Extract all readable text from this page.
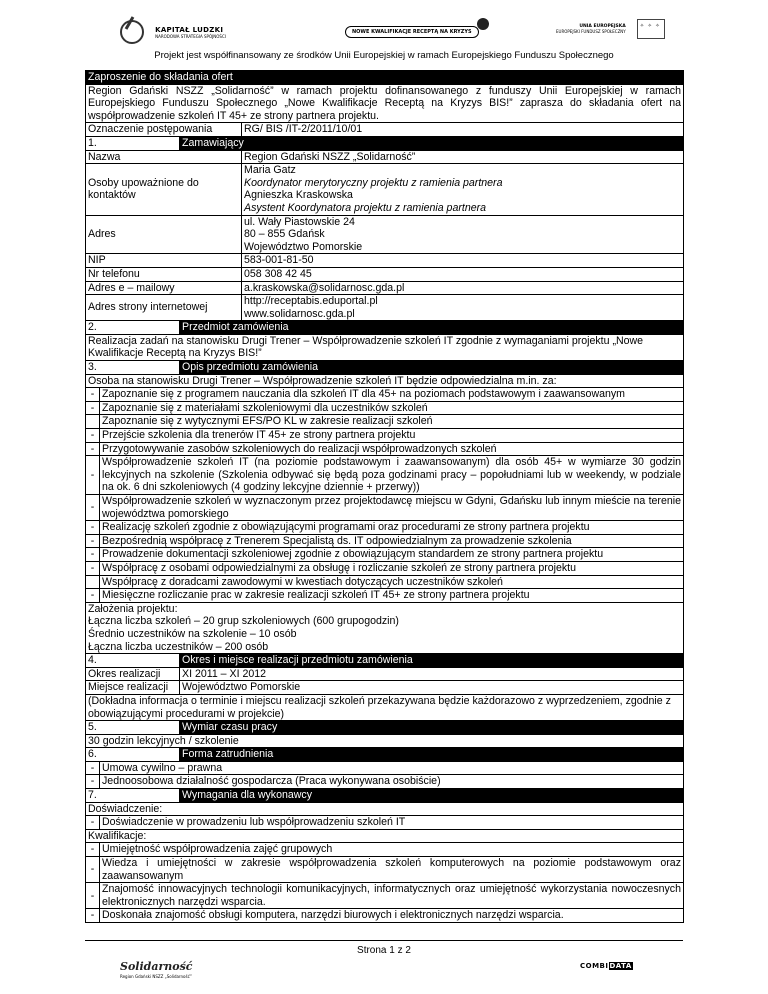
KAPITAŁ LUDZKI
NARODOWA STRATEGIA SPÓJNOŚCI
NOWE KWALIFIKACJE RECEPTĄ NA KRYZYS
UNIA EUROPEJSKA
EUROPEJSKI FUNDUSZ SPOŁECZNY ✧ ✧ ✧
Projekt jest współfinansowany ze środków Unii Europejskiej w ramach Europejskiego Funduszu Społecznego
Zaproszenie do składania ofert			
Region Gdański NSZZ „Solidarność” w ramach projektu dofinansowanego z funduszy Unii Europejskiej w ramach Europejskiego Funduszu Społecznego „Nowe Kwalifikacje Receptą na Kryzys BIS!” zaprasza do składania ofert na współprowadzenie szkoleń IT 45+ ze strony partnera projektu.			
Oznaczenie postępowania			RG/ BIS /IT-2/2011/10/01
1.		Zamawiający	
Nazwa			Region Gdański NSZZ „Solidarność”
Osoby upoważnione do kontaktów			Maria Gatz
Koordynator merytoryczny projektu z ramienia partnera
Agnieszka Kraskowska
Asystent Koordynatora projektu z ramienia partnera

Adres			ul. Wały Piastowskie 24
80 – 855 Gdańsk
Województwo Pomorskie

NIP			583-001-81-50
Nr telefonu			058 308 42 45
Adres e – mailowy			a.kraskowska@solidarnosc.gda.pl
Adres strony internetowej			http://receptabis.eduportal.pl
www.solidarnosc.gda.pl

2.		Przedmiot zamówienia	
Realizacja zadań na stanowisku Drugi Trener – Współprowadzenie szkoleń IT zgodnie z wymaganiami projektu „Nowe Kwalifikacje Receptą na Kryzys BIS!”			
3.		Opis przedmiotu zamówienia	
Osoba na stanowisku Drugi Trener – Współprowadzenie szkoleń IT będzie odpowiedzialna m.in. za:			
-	Zapoznanie się z programem nauczania dla szkoleń IT dla 45+ na poziomach podstawowym i zaawansowanym		
-	Zapoznanie się z materiałami szkoleniowymi dla uczestników szkoleń		
	Zapoznanie się z wytycznymi EFS/PO KL w zakresie realizacji szkoleń		
-	Przejście szkolenia dla trenerów IT 45+ ze strony partnera projektu		
-	Przygotowywanie zasobów szkoleniowych do realizacji współprowadzonych szkoleń		
-	Współprowadzenie szkoleń IT (na poziomie podstawowym i zaawansowanym) dla osób 45+ w wymiarze 30 godzin lekcyjnych na szkolenie (Szkolenia odbywać się będą poza godzinami pracy – popołudniami lub w weekendy, w podziale na ok. 6 dni szkoleniowych (4 godziny lekcyjne dziennie + przerwy))		
-	Współprowadzenie szkoleń w wyznaczonym przez projektodawcę miejscu w Gdyni, Gdańsku lub innym mieście na terenie województwa pomorskiego		
-	Realizację szkoleń zgodnie z obowiązującymi programami oraz procedurami ze strony partnera projektu		
-	Bezpośrednią współpracę z Trenerem Specjalistą ds. IT odpowiedzialnym za prowadzenie szkolenia		
-	Prowadzenie dokumentacji szkoleniowej zgodnie z obowiązującym standardem ze strony partnera projektu		
-	Współpracę z osobami odpowiedzialnymi za obsługę i rozliczanie szkoleń ze strony partnera projektu		
	Współpracę z doradcami zawodowymi w kwestiach dotyczących uczestników szkoleń		
-	Miesięczne rozliczanie prac w zakresie realizacji szkoleń IT 45+ ze strony partnera projektu		

Założenia projektu:
Łączna liczba szkoleń – 20 grup szkoleniowych (600 grupogodzin)
Średnio uczestników na szkolenie – 10 osób
Łączna liczba uczestników – 200 osób			

4.		Okres i miejsce realizacji przedmiotu zamówienia	
Okres realizacji		XI 2011 – XI 2012	
Miejsce realizacji		Województwo Pomorskie	
(Dokładna informacja o terminie i miejscu realizacji szkoleń przekazywana będzie każdorazowo z wyprzedzeniem, zgodnie z obowiązującymi procedurami w projekcie)			
5.		Wymiar czasu pracy	
30 godzin lekcyjnych / szkolenie			
6.		Forma zatrudnienia	
-	Umowa cywilno – prawna		
-	Jednoosobowa działalność gospodarcza (Praca wykonywana osobiście)		
7.		Wymagania dla wykonawcy	
Doświadczenie:			
-	Doświadczenie w prowadzeniu lub współprowadzeniu szkoleń IT		
Kwalifikacje:			
-	Umiejętność współprowadzenia zajęć grupowych		
-	Wiedza i umiejętności w zakresie współprowadzenia szkoleń komputerowych na poziomie podstawowym oraz zaawansowanym		
-	Znajomość innowacyjnych technologii komunikacyjnych, informatycznych oraz umiejętność wykorzystania nowoczesnych elektronicznych narzędzi wsparcia.		
-	Doskonała znajomość obsługi komputera, narzędzi biurowych i elektronicznych narzędzi wsparcia.		
Strona 1 z 2
Solidarność
Region Gdański NSZZ „Solidarność”
COMBIDATA
